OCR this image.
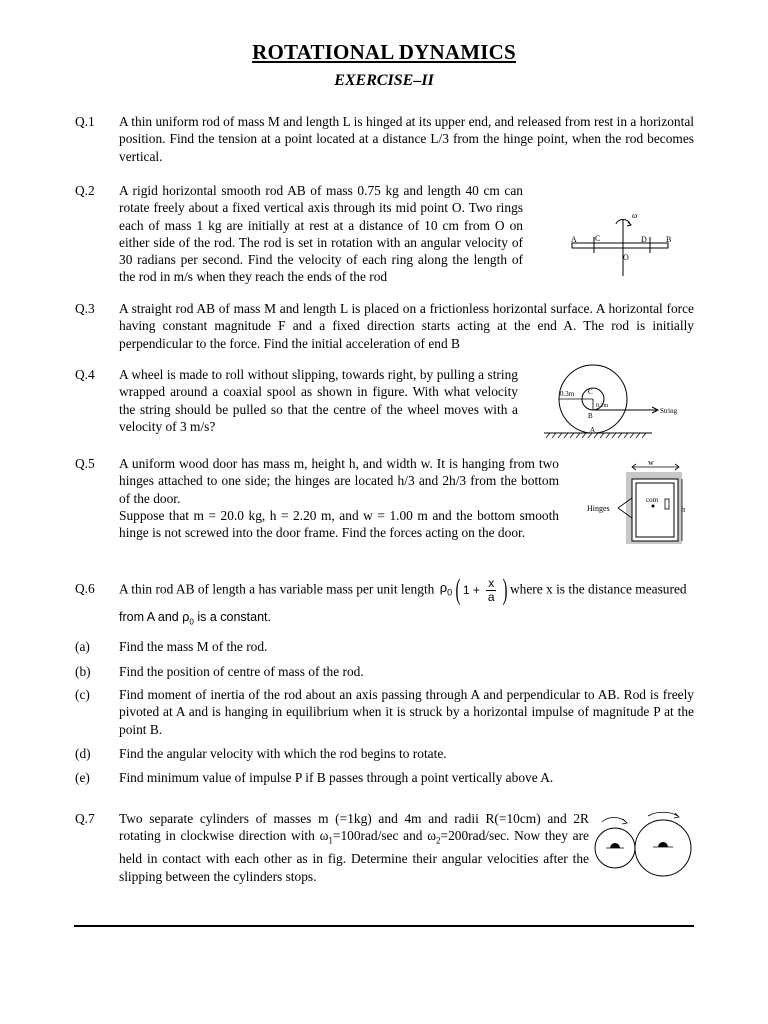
ROTATIONAL DYNAMICS
EXERCISE–II
Q.1 A thin uniform rod of mass M and length L is hinged at its upper end, and released from rest in a horizontal position. Find the tension at a point located at a distance L/3 from the hinge point, when the rod becomes vertical.
Q.2 A rigid horizontal smooth rod AB of mass 0.75 kg and length 40 cm can rotate freely about a fixed vertical axis through its mid point O. Two rings each of mass 1 kg are initially at rest at a distance of 10 cm from O on either side of the rod. The rod is set in rotation with an angular velocity of 30 radians per second. Find the velocity of each ring along the length of the rod in m/s when they reach the ends of the rod
ω
A C	D B
O
Q.3 A straight rod AB of mass M and length L is placed on a frictionless horizontal surface. A horizontal force having constant magnitude F and a fixed direction starts acting at the end A. The rod is initially perpendicular to the force. Find the initial acceleration of end B
Q.4 A wheel is made to roll without slipping, towards right, by pulling a string wrapped around a coaxial spool as shown in figure. With what velocity the string should be pulled so that the centre of the wheel moves with a velocity of 3 m/s?
0.3m C
0.1m
B
A
String
Q.5 A uniform wood door has mass m, height h, and width w. It is hanging from two hinges attached to one side; the hinges are located h/3 and 2h/3 from the bottom of the door.
Suppose that m = 20.0 kg, h = 2.20 m, and w = 1.00 m and the bottom smooth hinge is not screwed into the door frame. Find the forces acting on the door.
w
com
Hinges	h
Q.6 A thin rod AB of length a has variable mass per unit length $\rho_0$ ( $1 + \frac{x}{a}$ ) where x is the distance measured
from A and $\rho_0$ is a constant.
(a) Find the mass M of the rod.
(b) Find the position of centre of mass of the rod.
(c) Find moment of inertia of the rod about an axis passing through A and perpendicular to AB. Rod is freely pivoted at A and is hanging in equilibrium when it is struck by a horizontal impulse of magnitude P at the point B.
(d) Find the angular velocity with which the rod begins to rotate.
(e) Find minimum value of impulse P if B passes through a point vertically above A.
Q.7 Two separate cylinders of masses m (=1kg) and 4m and radii R(=10cm) and 2R rotating in clockwise direction with $\omega_1=100rad/\sec$ and $\omega_2=200rad/\sec$. Now they are held in contact with each other as in fig. Determine their angular velocities after the slipping between the cylinders stops.
